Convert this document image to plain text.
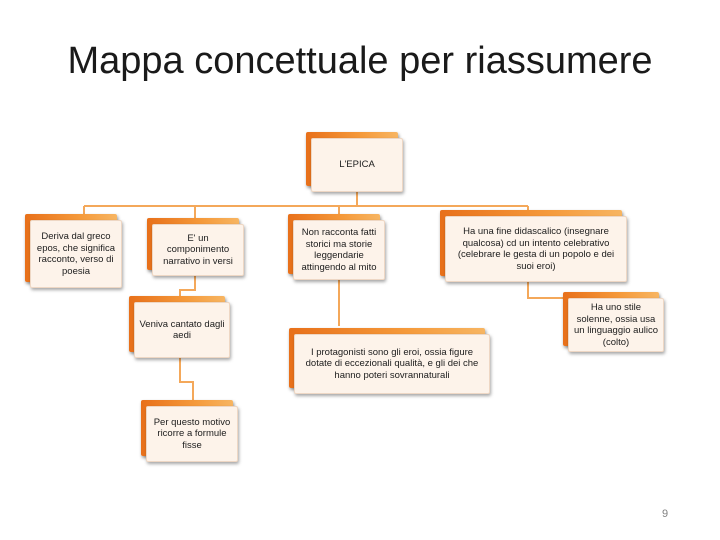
Mappa concettuale per riassumere
L'EPICA
Deriva dal greco epos, che significa racconto, verso di poesia
E' un componimento narrativo in versi
Non racconta fatti storici ma storie leggendarie attingendo al mito
Ha una fine didascalico (insegnare qualcosa) cd un intento celebrativo (celebrare le gesta di un popolo e dei suoi eroi)
Veniva cantato dagli aedi
I protagonisti sono gli eroi, ossia figure dotate di eccezionali qualità, e gli dei che hanno poteri sovrannaturali
Ha uno stile solenne, ossia usa un linguaggio aulico (colto)
Per questo motivo ricorre a formule fisse
9
